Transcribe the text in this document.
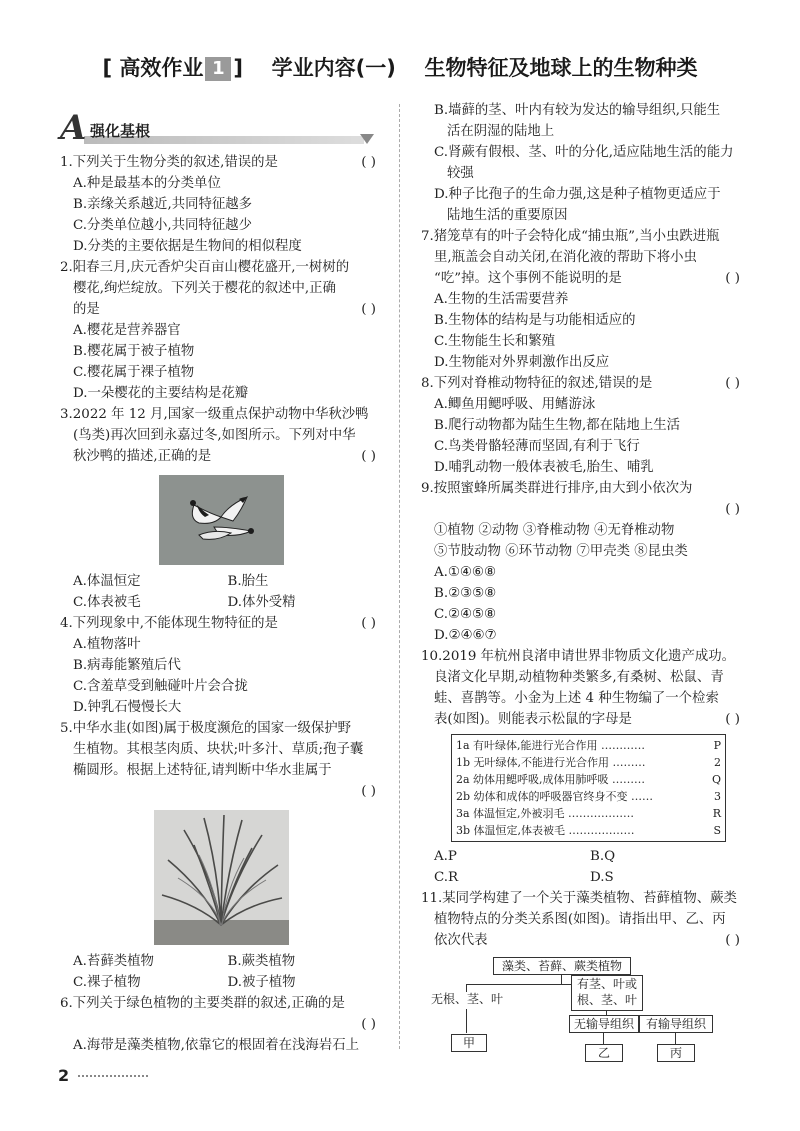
[ 高效作业 1 ] 学业内容(一) 生物特征及地球上的生物种类
A 强化基根
1.下列关于生物分类的叙述,错误的是	( )
A.种是最基本的分类单位
B.亲缘关系越近,共同特征越多
C.分类单位越小,共同特征越少
D.分类的主要依据是生物间的相似程度
2.阳春三月,庆元香炉尖百亩山樱花盛开,一树树的
樱花,绚烂绽放。下列关于樱花的叙述中,正确
的是	( )
A.樱花是营养器官
B.樱花属于被子植物
C.樱花属于裸子植物
D.一朵樱花的主要结构是花瓣
3.2022 年 12 月,国家一级重点保护动物中华秋沙鸭
(鸟类)再次回到永嘉过冬,如图所示。下列对中华
秋沙鸭的描述,正确的是	( )
A.体温恒定	B.胎生
C.体表被毛	D.体外受精
4.下列现象中,不能体现生物特征的是	( )
A.植物落叶
B.病毒能繁殖后代
C.含羞草受到触碰叶片会合拢
D.钟乳石慢慢长大
5.中华水韭(如图)属于极度濒危的国家一级保护野
生植物。其根茎肉质、块状;叶多汁、草质;孢子囊
椭圆形。根据上述特征,请判断中华水韭属于

( )
A.苔藓类植物	B.蕨类植物
C.裸子植物	D.被子植物
6.下列关于绿色植物的主要类群的叙述,正确的是

( )
A.海带是藻类植物,依靠它的根固着在浅海岩石上
B.墙藓的茎、叶内有较为发达的输导组织,只能生
活在阴湿的陆地上
C.肾蕨有假根、茎、叶的分化,适应陆地生活的能力
较强
D.种子比孢子的生命力强,这是种子植物更适应于
陆地生活的重要原因
7.猪笼草有的叶子会特化成“捕虫瓶”,当小虫跌进瓶
里,瓶盖会自动关闭,在消化液的帮助下将小虫
“吃”掉。这个事例不能说明的是	( )
A.生物的生活需要营养
B.生物体的结构是与功能相适应的
C.生物能生长和繁殖
D.生物能对外界刺激作出反应
8.下列对脊椎动物特征的叙述,错误的是	( )
A.鲫鱼用鳃呼吸、用鳍游泳
B.爬行动物都为陆生生物,都在陆地上生活
C.鸟类骨骼轻薄而坚固,有利于飞行
D.哺乳动物一般体表被毛,胎生、哺乳
9.按照蜜蜂所属类群进行排序,由大到小依次为

( )
①植物 ②动物 ③脊椎动物 ④无脊椎动物
⑤节肢动物 ⑥环节动物 ⑦甲壳类 ⑧昆虫类
A.①④⑥⑧
B.②③⑤⑧
C.②④⑤⑧
D.②④⑥⑦
10.2019 年杭州良渚申请世界非物质文化遗产成功。
良渚文化早期,动植物种类繁多,有桑树、松鼠、青
蛙、喜鹊等。小金为上述 4 种生物编了一个检索
表(如图)。则能表示松鼠的字母是	( )
1a 有叶绿体,能进行光合作用 …………	P
1b 无叶绿体,不能进行光合作用 ………	2
2a 幼体用鳃呼吸,成体用肺呼吸 ………	Q
2b 幼体和成体的呼吸器官终身不变 ……	3
3a 体温恒定,外被羽毛 ………………	R
3b 体温恒定,体表被毛 ………………	S
A.P	B.Q
C.R	D.S
11.某同学构建了一个关于藻类植物、苔藓植物、蕨类
植物特点的分类关系图(如图)。请指出甲、乙、丙
依次代表	( )
藻类、苔藓、蕨类植物
无根、茎、叶
有茎、叶或
根、茎、叶
无输导组织 有输导组织
甲
乙	丙
2
